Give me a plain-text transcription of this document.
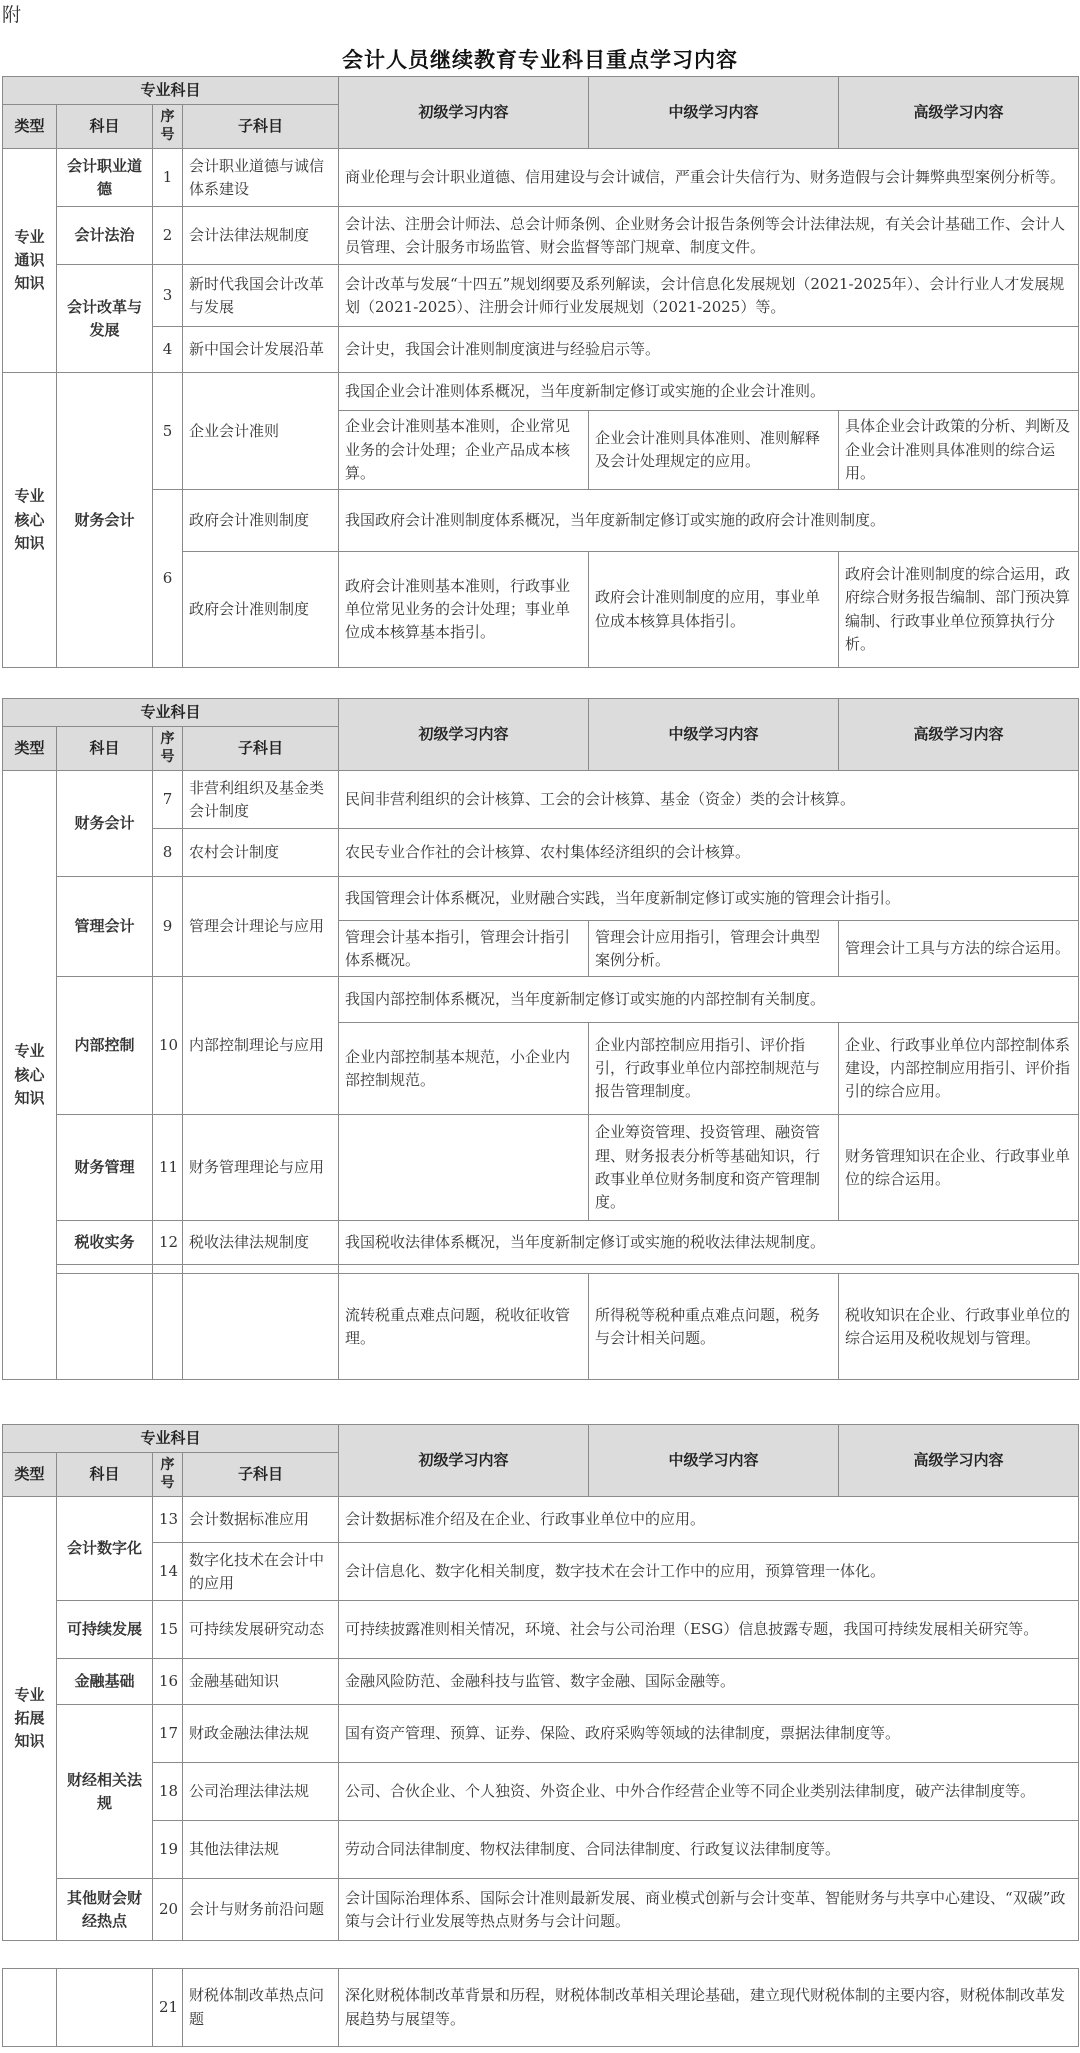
附
会计人员继续教育专业科目重点学习内容
专业科目				初级学习内容	中级学习内容	高级学习内容
类型	科目	序号	子科目			
专业通识知识	会计职业道德	1	会计职业道德与诚信体系建设	商业伦理与会计职业道德、信用建设与会计诚信，严重会计失信行为、财务造假与会计舞弊典型案例分析等。		
	会计法治	2	会计法律法规制度	会计法、注册会计师法、总会计师条例、企业财务会计报告条例等会计法律法规，有关会计基础工作、会计人员管理、会计服务市场监管、财会监督等部门规章、制度文件。		
	会计改革与发展	3	新时代我国会计改革与发展	会计改革与发展“十四五”规划纲要及系列解读，会计信息化发展规划（2021-2025年）、会计行业人才发展规划（2021-2025）、注册会计师行业发展规划（2021-2025）等。		
		4	新中国会计发展沿革	会计史，我国会计准则制度演进与经验启示等。		
专业核心知识	财务会计	5	企业会计准则	我国企业会计准则体系概况，当年度新制定修订或实施的企业会计准则。		
				企业会计准则基本准则，企业常见业务的会计处理；企业产品成本核算。	企业会计准则具体准则、准则解释及会计处理规定的应用。	具体企业会计政策的分析、判断及企业会计准则具体准则的综合运用。
		6	政府会计准则制度	我国政府会计准则制度体系概况，当年度新制定修订或实施的政府会计准则制度。		
			政府会计准则制度	政府会计准则基本准则，行政事业单位常见业务的会计处理；事业单位成本核算基本指引。	政府会计准则制度的应用，事业单位成本核算具体指引。	政府会计准则制度的综合运用，政府综合财务报告编制、部门预决算编制、行政事业单位预算执行分析。
专业科目				初级学习内容	中级学习内容	高级学习内容
类型	科目	序号	子科目			
专业核心知识	财务会计	7	非营利组织及基金类会计制度	民间非营利组织的会计核算、工会的会计核算、基金（资金）类的会计核算。		
		8	农村会计制度	农民专业合作社的会计核算、农村集体经济组织的会计核算。		
	管理会计	9	管理会计理论与应用	我国管理会计体系概况，业财融合实践，当年度新制定修订或实施的管理会计指引。		
				管理会计基本指引，管理会计指引体系概况。	管理会计应用指引，管理会计典型案例分析。	管理会计工具与方法的综合运用。
	内部控制	10	内部控制理论与应用	我国内部控制体系概况，当年度新制定修订或实施的内部控制有关制度。		
				企业内部控制基本规范，小企业内部控制规范。	企业内部控制应用指引、评价指引，行政事业单位内部控制规范与报告管理制度。	企业、行政事业单位内部控制体系建设，内部控制应用指引、评价指引的综合应用。
	财务管理	11	财务管理理论与应用		企业筹资管理、投资管理、融资管理、财务报表分析等基础知识，行政事业单位财务制度和资产管理制度。	财务管理知识在企业、行政事业单位的综合运用。
	税收实务	12	税收法律法规制度	我国税收法律体系概况，当年度新制定修订或实施的税收法律法规制度。		

				流转税重点难点问题，税收征收管理。	所得税等税种重点难点问题，税务与会计相关问题。	税收知识在企业、行政事业单位的综合运用及税收规划与管理。
专业科目				初级学习内容	中级学习内容	高级学习内容
类型	科目	序号	子科目			
专业拓展知识	会计数字化	13	会计数据标准应用	会计数据标准介绍及在企业、行政事业单位中的应用。		
		14	数字化技术在会计中的应用	会计信息化、数字化相关制度，数字技术在会计工作中的应用，预算管理一体化。		
	可持续发展	15	可持续发展研究动态	可持续披露准则相关情况，环境、社会与公司治理（ESG）信息披露专题，我国可持续发展相关研究等。		
	金融基础	16	金融基础知识	金融风险防范、金融科技与监管、数字金融、国际金融等。		
	财经相关法规	17	财政金融法律法规	国有资产管理、预算、证券、保险、政府采购等领域的法律制度，票据法律制度等。		
		18	公司治理法律法规	公司、合伙企业、个人独资、外资企业、中外合作经营企业等不同企业类别法律制度，破产法律制度等。		
		19	其他法律法规	劳动合同法律制度、物权法律制度、合同法律制度、行政复议法律制度等。		
	其他财会财经热点	20	会计与财务前沿问题	会计国际治理体系、国际会计准则最新发展、商业模式创新与会计变革、智能财务与共享中心建设、“双碳”政策与会计行业发展等热点财务与会计问题。		
		21	财税体制改革热点问题	深化财税体制改革背景和历程，财税体制改革相关理论基础，建立现代财税体制的主要内容，财税体制改革发展趋势与展望等。
